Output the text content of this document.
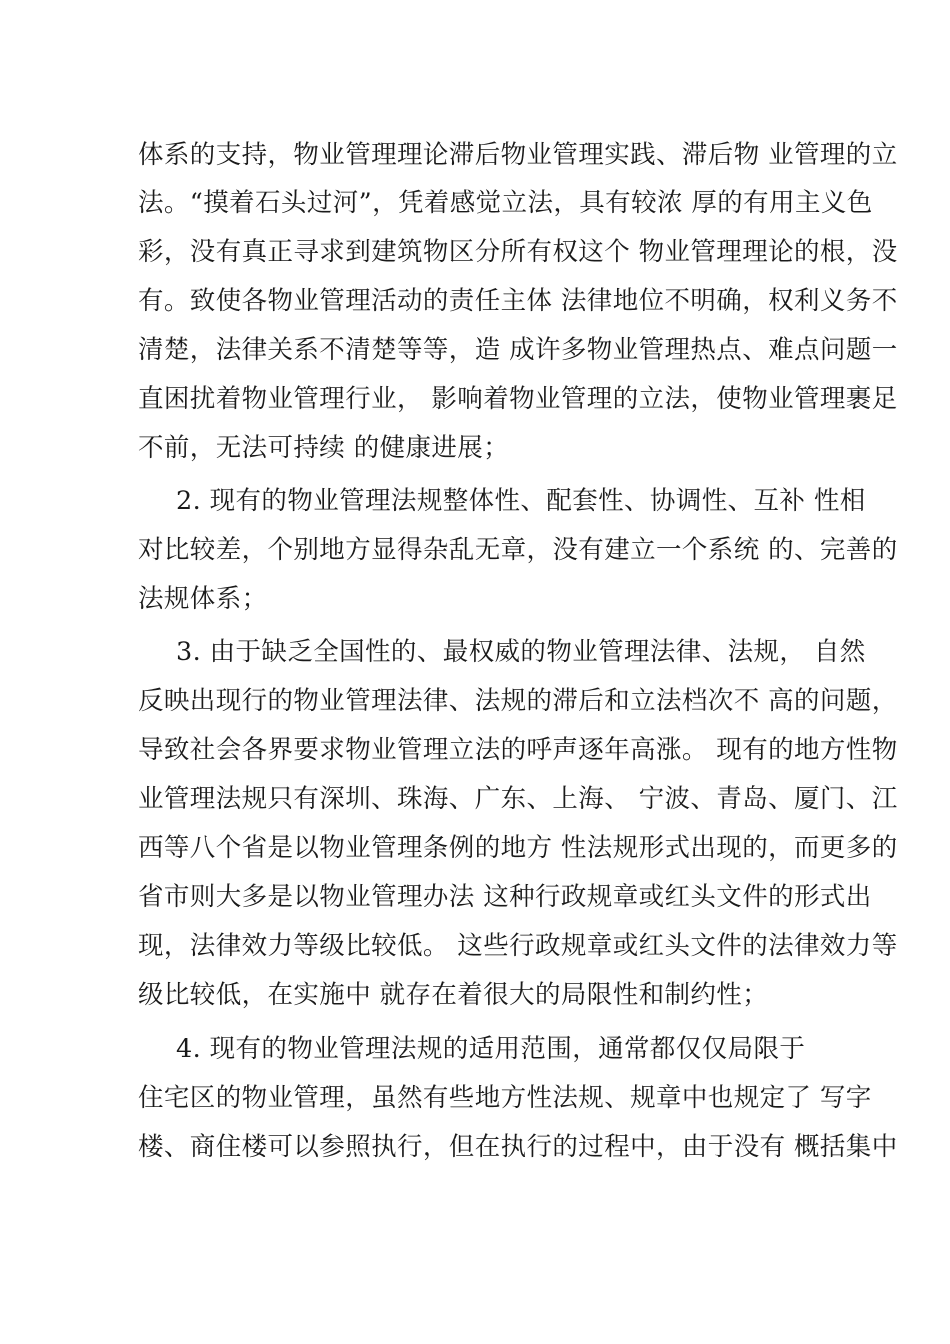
体系的支持，物业管理理论滞后物业管理实践、滞后物 业管理的立
法。“摸着石头过河”，凭着感觉立法，具有较浓 厚的有用主义色
彩，没有真正寻求到建筑物区分所有权这个 物业管理理论的根，没
有。致使各物业管理活动的责任主体 法律地位不明确，权利义务不
清楚，法律关系不清楚等等，造 成许多物业管理热点、难点问题一
直困扰着物业管理行业， 影响着物业管理的立法，使物业管理裹足
不前，无法可持续 的健康进展；
2. 现有的物业管理法规整体性、配套性、协调性、互补 性相
对比较差，个别地方显得杂乱无章，没有建立一个系统 的、完善的
法规体系；
3. 由于缺乏全国性的、最权威的物业管理法律、法规， 自然
反映出现行的物业管理法律、法规的滞后和立法档次不 高的问题，
导致社会各界要求物业管理立法的呼声逐年高涨。 现有的地方性物
业管理法规只有深圳、珠海、广东、上海、 宁波、青岛、厦门、江
西等八个省是以物业管理条例的地方 性法规形式出现的，而更多的
省市则大多是以物业管理办法 这种行政规章或红头文件的形式出
现，法律效力等级比较低。 这些行政规章或红头文件的法律效力等
级比较低，在实施中 就存在着很大的局限性和制约性；
4. 现有的物业管理法规的适用范围，通常都仅仅局限于
住宅区的物业管理，虽然有些地方性法规、规章中也规定了 写字
楼、商住楼可以参照执行，但在执行的过程中，由于没有 概括集中
